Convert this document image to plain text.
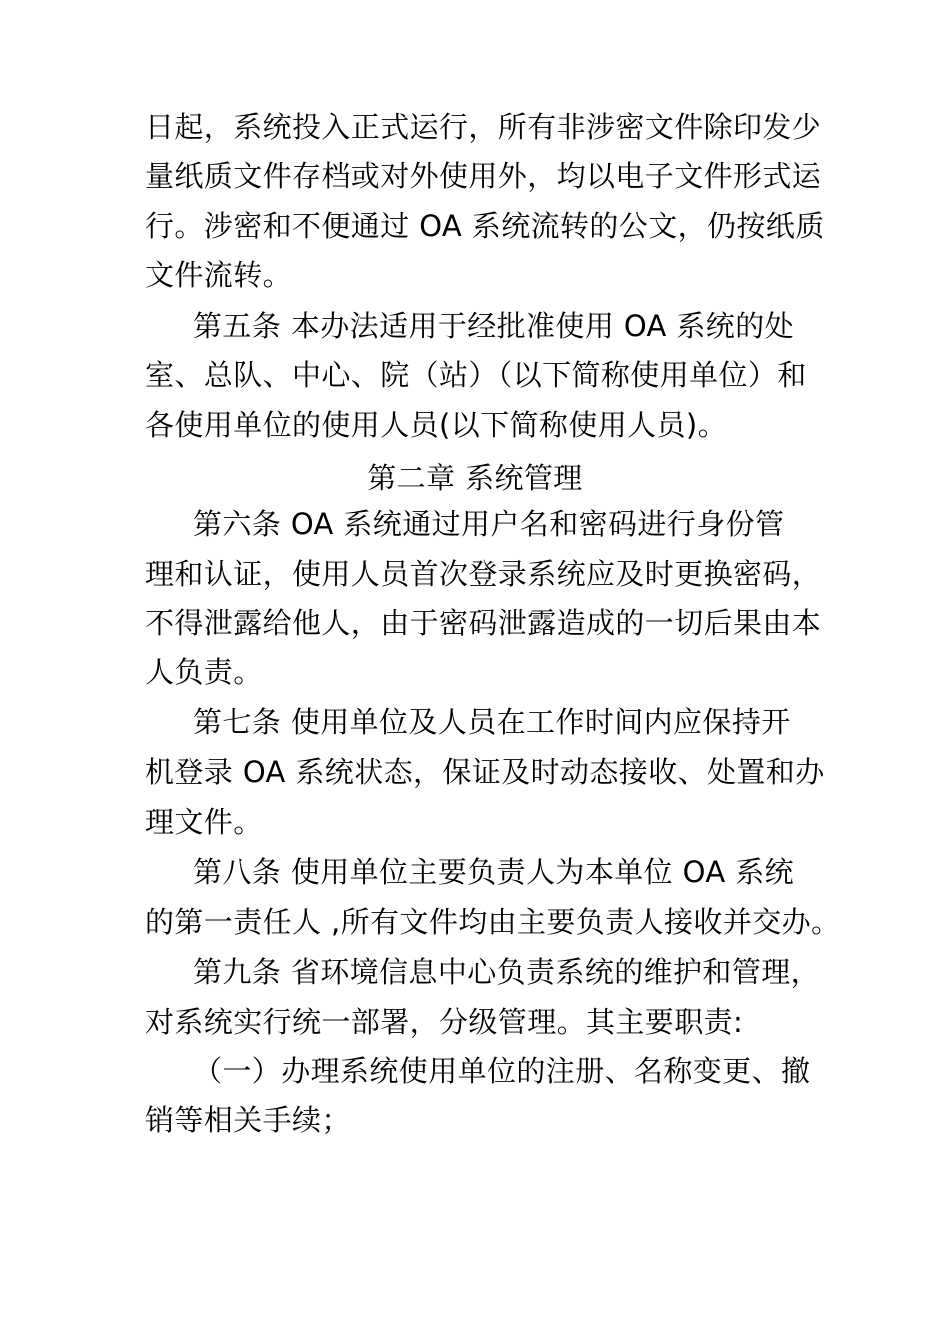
日起，系统投入正式运行，所有非涉密文件除印发少
量纸质文件存档或对外使用外，均以电子文件形式运
行。涉密和不便通过 OA 系统流转的公文，仍按纸质
文件流转。
第五条 本办法适用于经批准使用 OA 系统的处
室、总队、中心、院（站）（以下简称使用单位）和
各使用单位的使用人员(以下简称使用人员)。
第二章 系统管理
第六条 OA 系统通过用户名和密码进行身份管
理和认证，使用人员首次登录系统应及时更换密码，
不得泄露给他人，由于密码泄露造成的一切后果由本
人负责。
第七条 使用单位及人员在工作时间内应保持开
机登录 OA 系统状态，保证及时动态接收、处置和办
理文件。
第八条 使用单位主要负责人为本单位 OA 系统
的第一责任人 ,所有文件均由主要负责人接收并交办。
第九条 省环境信息中心负责系统的维护和管理，
对系统实行统一部署，分级管理。其主要职责:
（一）办理系统使用单位的注册、名称变更、撤
销等相关手续；
